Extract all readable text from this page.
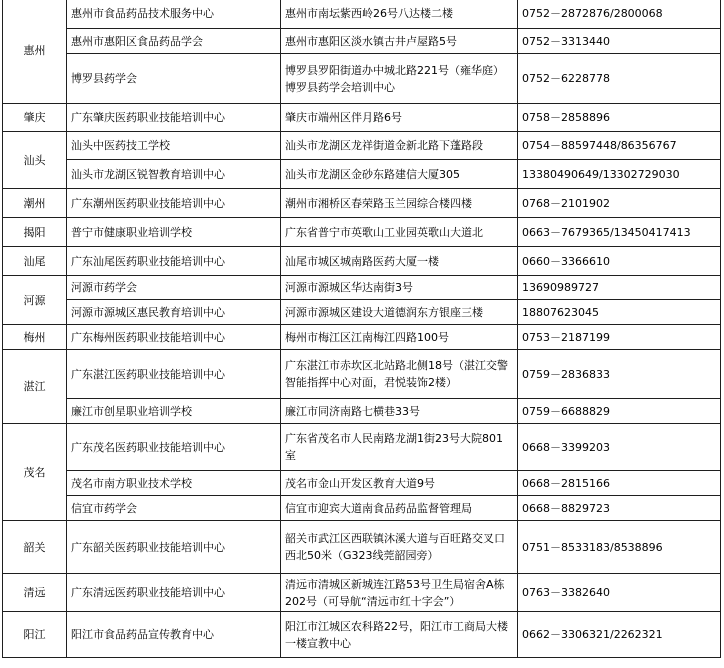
惠州	惠州市食品药品技术服务中心	惠州市南坛紫西岭26号八达楼二楼	0752－2872876/2800068
	惠州市惠阳区食品药品学会	惠州市惠阳区淡水镇古井卢屋路5号	0752－3313440
	博罗县药学会	博罗县罗阳街道办中城北路221号（雍华庭）博罗县药学会培训中心	0752－6228778
肇庆	广东肇庆医药职业技能培训中心	肇庆市端州区伴月路6号	0758－2858896
汕头	汕头中医药技工学校	汕头市龙湖区龙祥街道金新北路下蓬路段	0754－88597448/86356767
	汕头市龙湖区锐智教育培训中心	汕头市龙湖区金砂东路建信大厦305	13380490649/13302729030
潮州	广东潮州医药职业技能培训中心	潮州市湘桥区春荣路玉兰园综合楼四楼	0768－2101902
揭阳	普宁市健康职业培训学校	广东省普宁市英歌山工业园英歌山大道北	0663－7679365/13450417413
汕尾	广东汕尾医药职业技能培训中心	汕尾市城区城南路医药大厦一楼	0660－3366610
河源	河源市药学会	河源市源城区华达南街3号	13690989727
	河源市源城区惠民教育培训中心	河源市源城区建设大道德润东方银座三楼	18807623045
梅州	广东梅州医药职业技能培训中心	梅州市梅江区江南梅江四路100号	0753－2187199
湛江	广东湛江医药职业技能培训中心	广东湛江市赤坎区北站路北侧18号（湛江交警智能指挥中心对面，君悦装饰2楼）	0759－2836833
	廉江市创星职业培训学校	廉江市同济南路七横巷33号	0759－6688829
茂名	广东茂名医药职业技能培训中心	广东省茂名市人民南路龙湖1街23号大院801室	0668－3399203
	茂名市南方职业技术学校	茂名市金山开发区教育大道9号	0668－2815166
	信宜市药学会	信宜市迎宾大道南食品药品监督管理局	0668－8829723
韶关	广东韶关医药职业技能培训中心	韶关市武江区西联镇沐溪大道与百旺路交叉口西北50米（G323线莞韶园旁）	0751－8533183/8538896
清远	广东清远医药职业技能培训中心	清远市清城区新城连江路53号卫生局宿舍A栋202号（可导航“清远市红十字会”）	0763－3382640
阳江	阳江市食品药品宣传教育中心	阳江市江城区农科路22号，阳江市工商局大楼一楼宣教中心	0662－3306321/2262321
